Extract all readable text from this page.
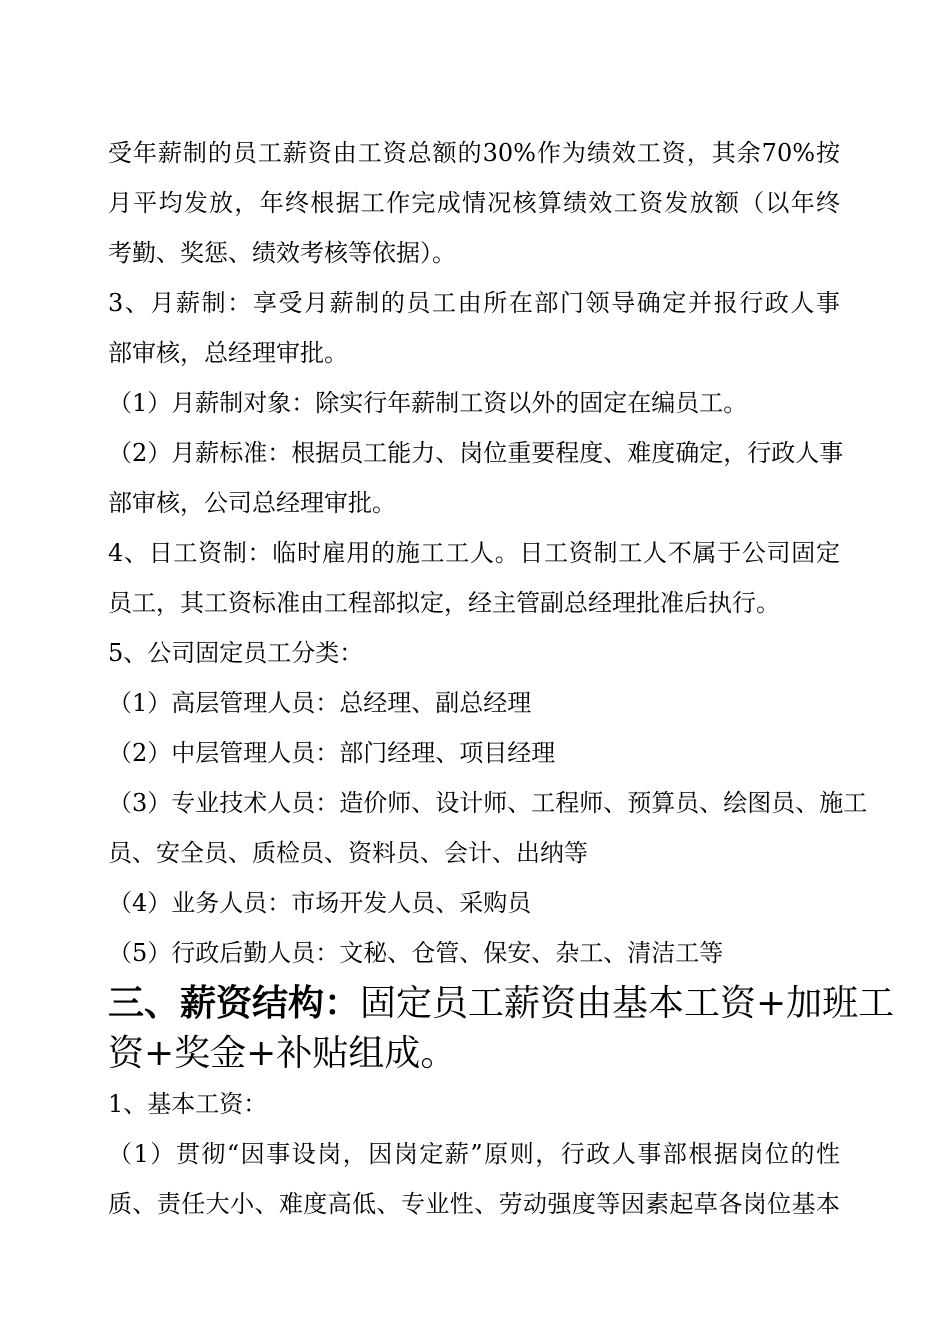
受年薪制的员工薪资由工资总额的30%作为绩效工资，其余70%按

月平均发放，年终根据工作完成情况核算绩效工资发放额（以年终

考勤、奖惩、绩效考核等依据）。

3、月薪制：享受月薪制的员工由所在部门领导确定并报行政人事

部审核，总经理审批。

（1）月薪制对象：除实行年薪制工资以外的固定在编员工。

（2）月薪标准：根据员工能力、岗位重要程度、难度确定，行政人事

部审核，公司总经理审批。

4、日工资制：临时雇用的施工工人。日工资制工人不属于公司固定

员工，其工资标准由工程部拟定，经主管副总经理批准后执行。

5、公司固定员工分类：

（1）高层管理人员：总经理、副总经理

（2）中层管理人员：部门经理、项目经理

（3）专业技术人员：造价师、设计师、工程师、预算员、绘图员、施工

员、安全员、质检员、资料员、会计、出纳等

（4）业务人员：市场开发人员、采购员

（5）行政后勤人员：文秘、仓管、保安、杂工、清洁工等

三、薪资结构：固定员工薪资由基本工资+加班工

资+奖金+补贴组成。

1、基本工资：

（1）贯彻“因事设岗，因岗定薪”原则，行政人事部根据岗位的性

质、责任大小、难度高低、专业性、劳动强度等因素起草各岗位基本
